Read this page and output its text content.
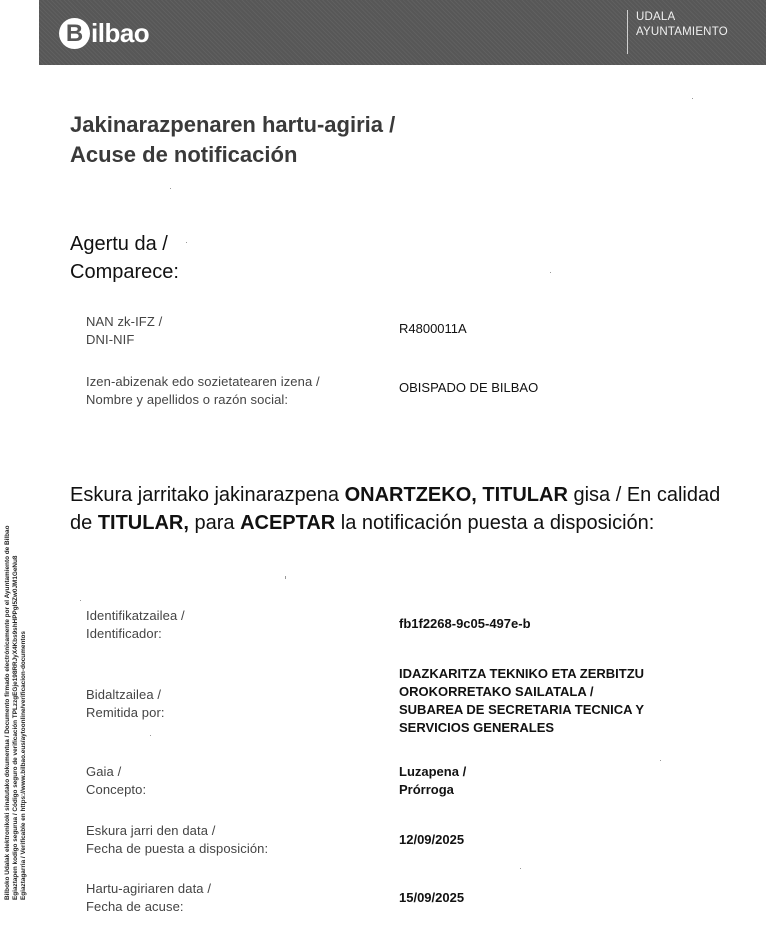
B ilbao
UDALA
AYUNTAMIENTO
Jakinarazpenaren hartu-agiria /
Acuse de notificación
Agertu da /
Comparece:
NAN zk-IFZ /
DNI-NIF
R4800011A
Izen-abizenak edo sozietatearen izena /
Nombre y apellidos o razón social:
OBISPADO DE BILBAO
Eskura jarritako jakinarazpena ONARTZEKO, TITULAR gisa / En calidad de TITULAR, para ACEPTAR la notificación puesta a disposición:
Identifikatzailea /
Identificador:
fb1f2268-9c05-497e-b
Bidaltzailea /
Remitida por:
IDAZKARITZA TEKNIKO ETA ZERBITZU
OROKORRETAKO SAILATALA /
SUBAREA DE SECRETARIA TECNICA Y
SERVICIOS GENERALES
Gaia /
Concepto:
Luzapena /
Prórroga
Eskura jarri den data /
Fecha de puesta a disposición:
12/09/2025
Hartu-agiriaren data /
Fecha de acuse:
15/09/2025
Bilboko Udalak elektronikoki sinatutako dokumentua / Documento firmado electrónicamente por el Ayuntamiento de Bilbao Egiaztapen kodigo segurua / Código seguro de verificación TPLzzgEGje198RRJyX4Kbs9shHPPgl5Zw0JM1GeNu8 Egiaztagarria / Verificable en https://www.bilbao.eus/aytoonline/verificacion-documentos
